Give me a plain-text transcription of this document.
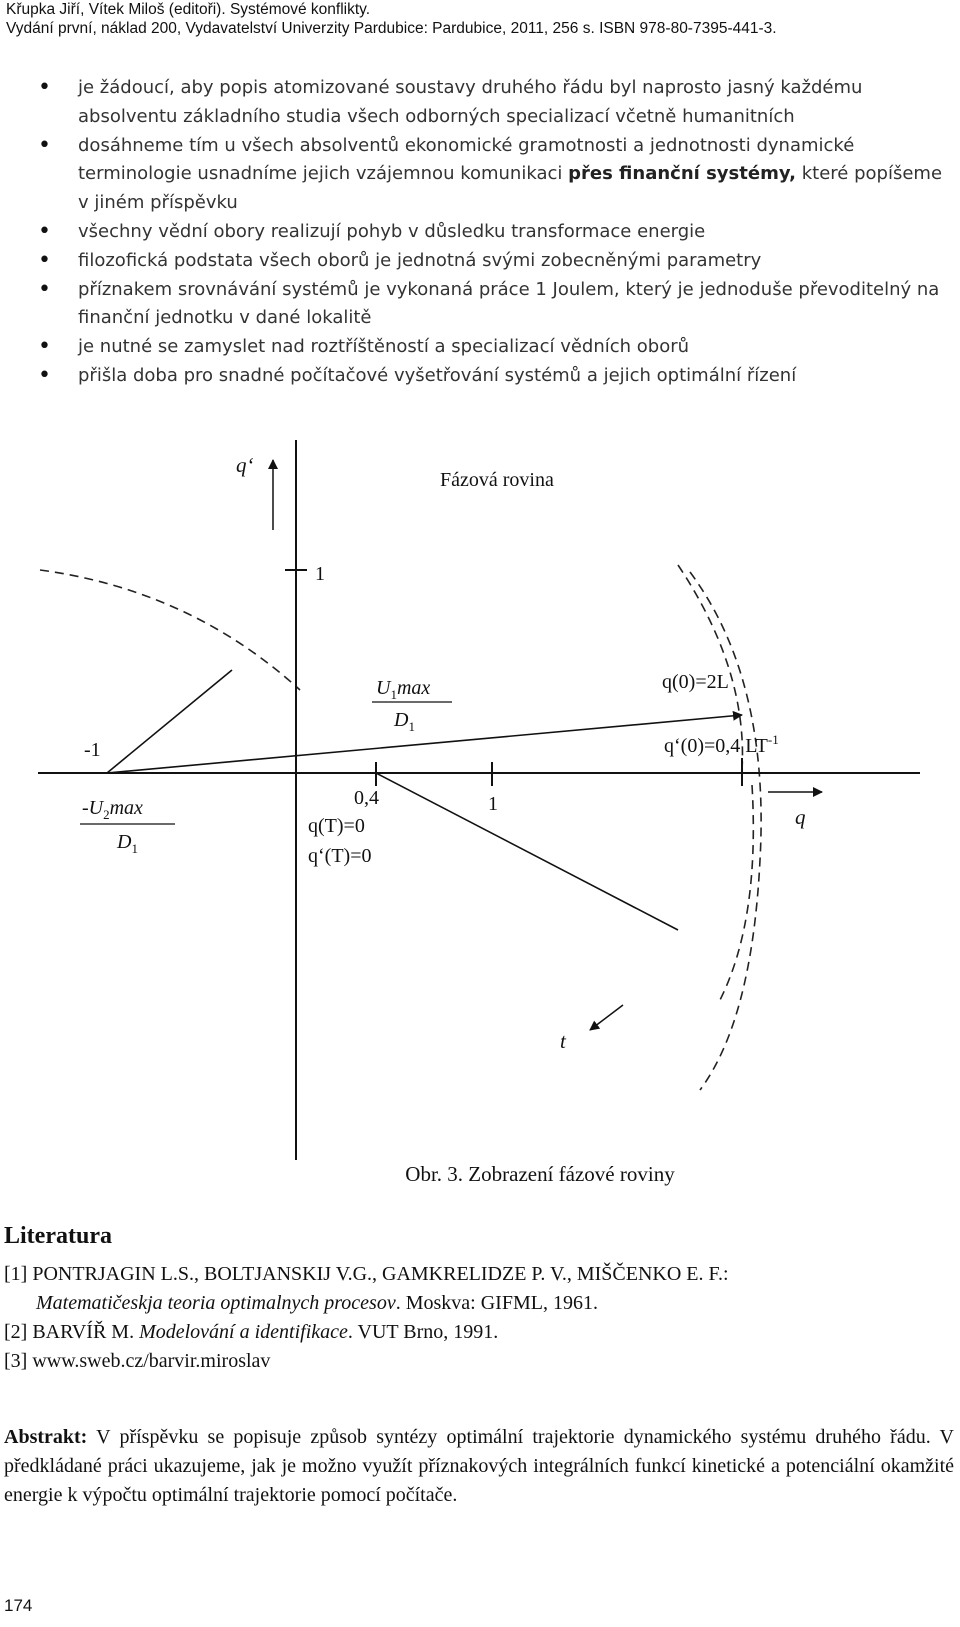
Křupka Jiří, Vítek Miloš (editoři). Systémové konflikty.
Vydání první, náklad 200, Vydavatelství Univerzity Pardubice: Pardubice, 2011, 256 s. ISBN 978-80-7395-441-3.
• je žádoucí, aby popis atomizované soustavy druhého řádu byl naprosto jasný každému absolventu základního studia všech odborných specializací včetně humanitních
• dosáhneme tím u všech absolventů ekonomické gramotnosti a jednotnosti dynamické terminologie usnadníme jejich vzájemnou komunikaci přes finanční systémy, které popíšeme v jiném příspěvku
• všechny vědní obory realizují pohyb v důsledku transformace energie
• filozofická podstata všech oborů je jednotná svými zobecněnými parametry
• příznakem srovnávání systémů je vykonaná práce 1 Joulem, který je jednoduše převoditelný na finanční jednotku v dané lokalitě
• je nutné se zamyslet nad roztříštěností a specializací vědních oborů
• přišla doba pro snadné počítačové vyšetřování systémů a jejich optimální řízení
q‘
Fázová rovina
1
-1
$U_1\max$
$D_1$
$-U_2\max$
$D_1$
q(0)=2L
q‘(0)=0,4 $LT^{-1}$
0,4	1
q
q(T)=0
q‘(T)=0
t
Obr. 3. Zobrazení fázové roviny
Literatura
[1] PONTRJAGIN L.S., BOLTJANSKIJ V.G., GAMKRELIDZE P. V., MIŠČENKO E. F.:
Matematičeskja teoria optimalnych procesov. Moskva: GIFML, 1961.
[2] BARVÍŘ M. Modelování a identifikace. VUT Brno, 1991.
[3] www.sweb.cz/barvir.miroslav
Abstrakt: V příspěvku se popisuje způsob syntézy optimální trajektorie dynamického systému druhého řádu. V předkládané práci ukazujeme, jak je možno využít příznakových integrálních funkcí kinetické a potenciální okamžité energie k výpočtu optimální trajektorie pomocí počítače.
174
